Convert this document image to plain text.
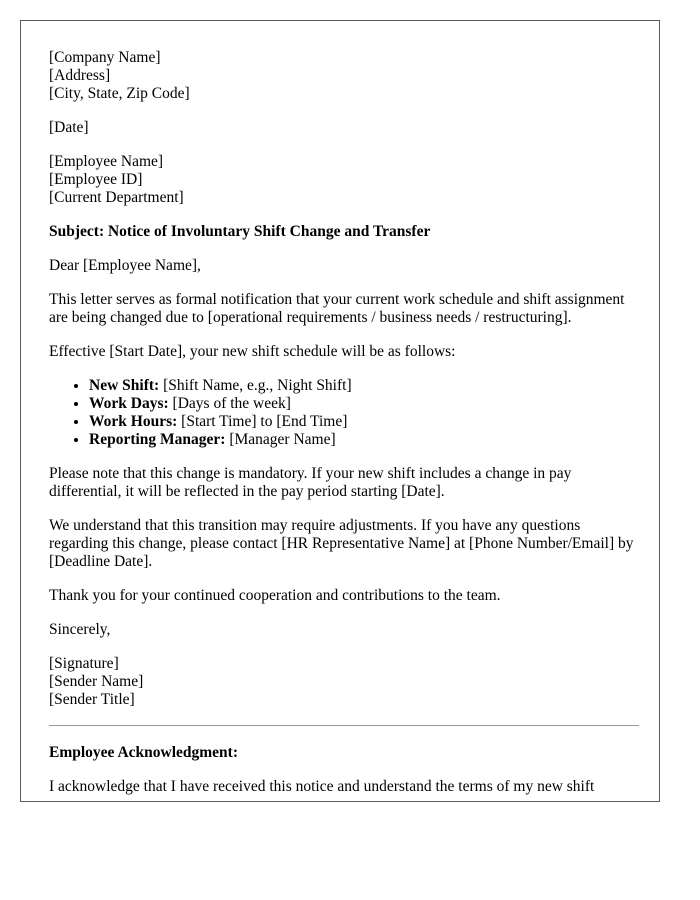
[Company Name]
[Address]
[City, State, Zip Code]

[Date]

[Employee Name]
[Employee ID]
[Current Department]

Subject: Notice of Involuntary Shift Change and Transfer

Dear [Employee Name],

This letter serves as formal notification that your current work schedule and shift assignment are being changed due to [operational requirements / business needs / restructuring].

Effective [Start Date], your new shift schedule will be as follows:

• New Shift: [Shift Name, e.g., Night Shift]
• Work Days: [Days of the week]
• Work Hours: [Start Time] to [End Time]
• Reporting Manager: [Manager Name]

Please note that this change is mandatory. If your new shift includes a change in pay differential, it will be reflected in the pay period starting [Date].

We understand that this transition may require adjustments. If you have any questions regarding this change, please contact [HR Representative Name] at [Phone Number/Email] by [Deadline Date].

Thank you for your continued cooperation and contributions to the team.

Sincerely,

[Signature]
[Sender Name]
[Sender Title]

Employee Acknowledgment:

I acknowledge that I have received this notice and understand the terms of my new shift
